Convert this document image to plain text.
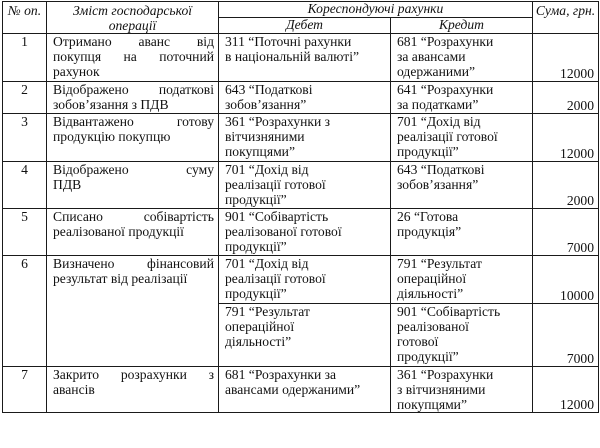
№ оп.	Зміст господарської операції	Кореспондуючі рахунки		Сума, грн.
		Дебет	Кредит	
1	Отримано аванс від
покупця на поточний
рахунок	311 “Поточні рахунки
в національній валюті”	681 “Розрахунки
за авансами
одержаними”	12000
2	Відображено податкові
зобов’язання з ПДВ	643 “Податкові
зобов’язання”	641 “Розрахунки
за податками”	2000
3	Відвантажено готову
продукцію покупцю	361 “Розрахунки з
вітчизняними
покупцями”	701 “Дохід від
реалізації готової
продукції”	12000
4	Відображено суму
ПДВ	701 “Дохід від
реалізації готової
продукції”	643 “Податкові
зобов’язання”	2000
5	Списано собівартість
реалізованої продукції	901 “Собівартість
реалізованої готової
продукції”	26 “Готова
продукція”	7000
6	Визначено фінансовий
результат від реалізації	701 “Дохід від
реалізації готової
продукції”	791 “Результат
операційної
діяльності”	10000

		791 “Результат
операційної
діяльності”	901 “Собівартість
реалізованої
готової
продукції”	7000
7	Закрито розрахунки з
авансів	681 “Розрахунки за
авансами одержаними”	361 “Розрахунки
з вітчизняними
покупцями”	12000
